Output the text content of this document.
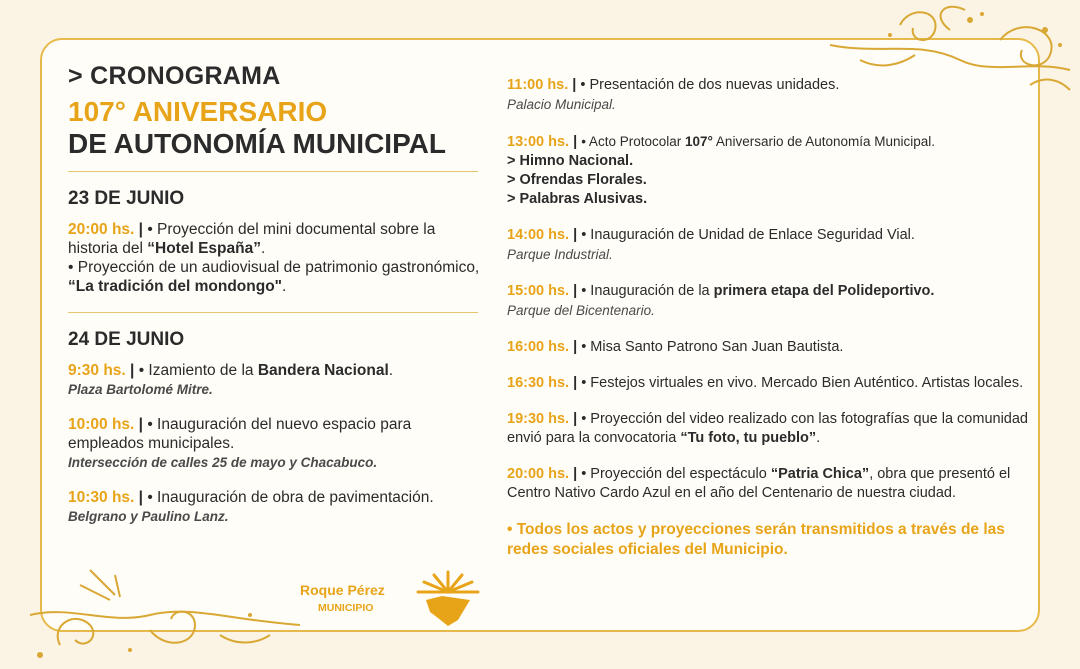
> CRONOGRAMA
107° ANIVERSARIO
DE AUTONOMÍA MUNICIPAL
23 DE JUNIO
20:00 hs. | • Proyección del mini documental sobre la historia del “Hotel España”.
• Proyección de un audiovisual de patrimonio gastronómico, “La tradición del mondongo".
24 DE JUNIO
9:30 hs. | • Izamiento de la Bandera Nacional.
Plaza Bartolomé Mitre.
10:00 hs. | • Inauguración del nuevo espacio para empleados municipales.
Intersección de calles 25 de mayo y Chacabuco.
10:30 hs. | • Inauguración de obra de pavimentación.
Belgrano y Paulino Lanz.
11:00 hs. | • Presentación de dos nuevas unidades.
Palacio Municipal.
13:00 hs. | • Acto Protocolar 107° Aniversario de Autonomía Municipal.
> Himno Nacional.
> Ofrendas Florales.
> Palabras Alusivas.
14:00 hs. | • Inauguración de Unidad de Enlace Seguridad Vial.
Parque Industrial.
15:00 hs. | • Inauguración de la primera etapa del Polideportivo.
Parque del Bicentenario.
16:00 hs. | • Misa Santo Patrono San Juan Bautista.
16:30 hs. | • Festejos virtuales en vivo. Mercado Bien Auténtico. Artistas locales.
19:30 hs. | • Proyección del video realizado con las fotografías que la comunidad envió para la convocatoria “Tu foto, tu pueblo”.
20:00 hs. | • Proyección del espectáculo “Patria Chica”, obra que presentó el Centro Nativo Cardo Azul en el año del Centenario de nuestra ciudad.
• Todos los actos y proyecciones serán transmitidos a través de las redes sociales oficiales del Municipio.
Roque Pérez
MUNICIPIO
